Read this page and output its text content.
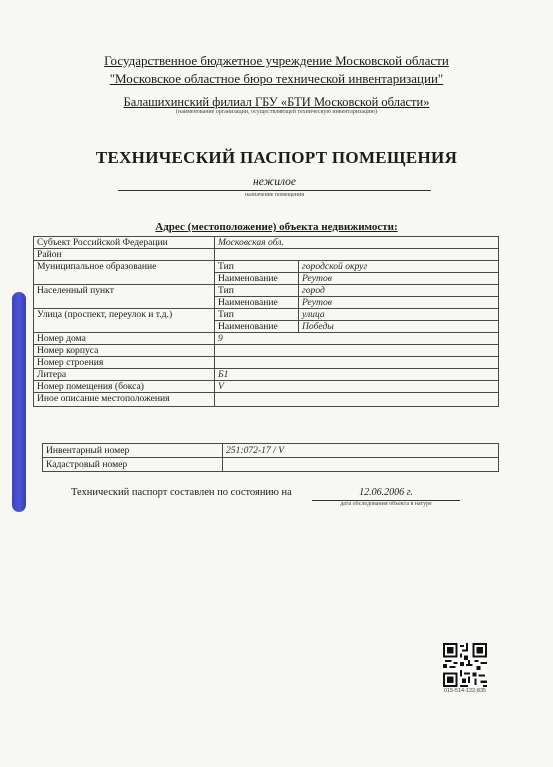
Государственное бюджетное учреждение Московской области
"Московское областное бюро технической инвентаризации"
Балашихинский филиал ГБУ «БТИ Московской области»
(наименование организации, осуществляющей техническую инвентаризацию)
ТЕХНИЧЕСКИЙ ПАСПОРТ ПОМЕЩЕНИЯ
нежилое
назначение помещения
Адрес (местоположение) объекта недвижимости:
Субъект Российской Федерации	Московская обл.	
Район		
Муниципальное образование	Тип	городской округ
	Наименование	Реутов
Населенный пункт	Тип	город
	Наименование	Реутов
Улица (проспект, переулок и т.д.)	Тип	улица
	Наименование	Победы
Номер дома	9	
Номер корпуса		
Номер строения		
Литера	Б1	
Номер помещения (бокса)	V	
Иное описание местоположения		
Инвентарный номер	251:072-17 / V
Кадастровый номер	
Технический паспорт составлен по состоянию на	12.06.2006 г.
дата обследования объекта в натуре
015-514-122-835
